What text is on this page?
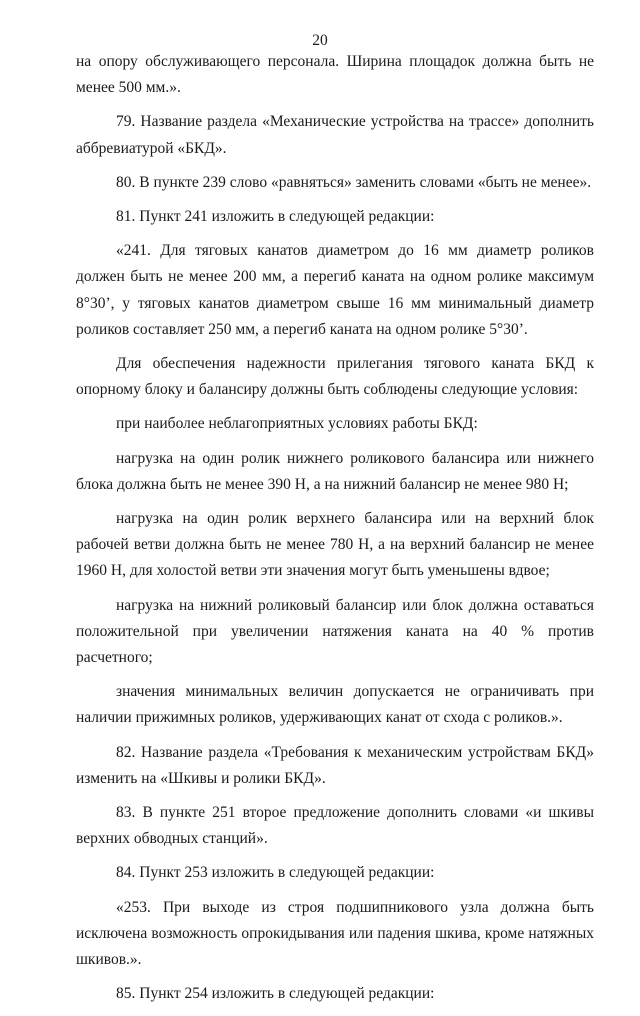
20

на опору обслуживающего персонала. Ширина площадок должна быть не менее 500 мм.».

79. Название раздела «Механические устройства на трассе» дополнить аббревиатурой «БКД».

80. В пункте 239 слово «равняться» заменить словами «быть не менее».

81. Пункт 241 изложить в следующей редакции:

«241. Для тяговых канатов диаметром до 16 мм диаметр роликов должен быть не менее 200 мм, а перегиб каната на одном ролике максимум 8°30’, у тяговых канатов диаметром свыше 16 мм минимальный диаметр роликов составляет 250 мм, а перегиб каната на одном ролике 5°30’.

Для обеспечения надежности прилегания тягового каната БКД к опорному блоку и балансиру должны быть соблюдены следующие условия:

при наиболее неблагоприятных условиях работы БКД:

нагрузка на один ролик нижнего роликового балансира или нижнего блока должна быть не менее 390 Н, а на нижний балансир не менее 980 Н;

нагрузка на один ролик верхнего балансира или на верхний блок рабочей ветви должна быть не менее 780 Н, а на верхний балансир не менее 1960 Н, для холостой ветви эти значения могут быть уменьшены вдвое;

нагрузка на нижний роликовый балансир или блок должна оставаться положительной при увеличении натяжения каната на 40 % против расчетного;

значения минимальных величин допускается не ограничивать при наличии прижимных роликов, удерживающих канат от схода с роликов.».

82. Название раздела «Требования к механическим устройствам БКД» изменить на «Шкивы и ролики БКД».

83. В пункте 251 второе предложение дополнить словами «и шкивы верхних обводных станций».

84. Пункт 253 изложить в следующей редакции:

«253. При выходе из строя подшипникового узла должна быть исключена возможность опрокидывания или падения шкива, кроме натяжных шкивов.».

85. Пункт 254 изложить в следующей редакции:
